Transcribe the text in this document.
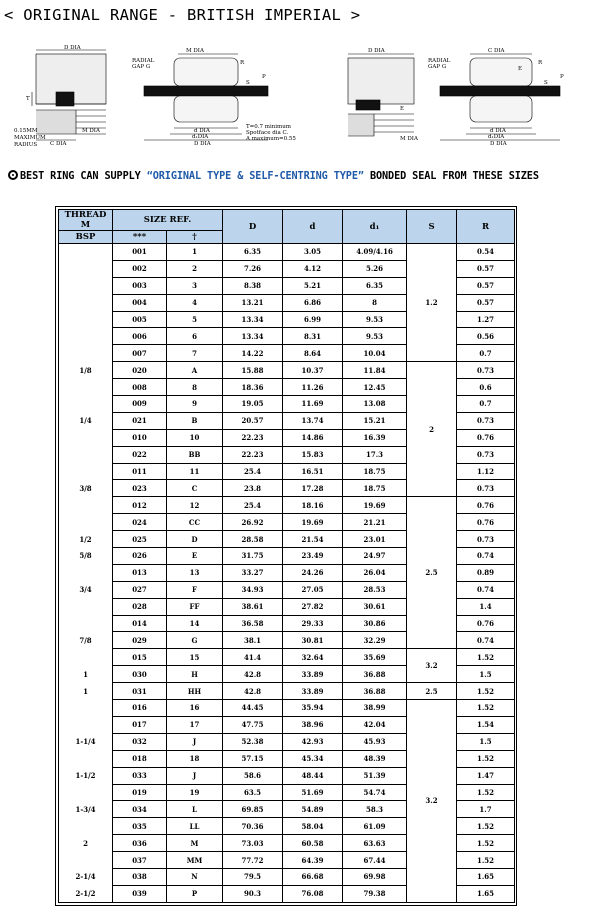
< ORIGINAL RANGE - BRITISH IMPERIAL >
D DIA
C DIA
M DIA
T
0.15MM
MAXIMUM
RADIUS
M DIA
RADIAL
GAP G
R
S
P
d DIA
d₁DIA
D DIA
T=0.7 minimum
Spotface dia C.
A maximum=0.55
D DIA
M DIA
E
C DIA
RADIAL
GAP G
R
S
P
E
d DIA
d₁DIA
D DIA
BEST RING CAN SUPPLY “ORIGINAL TYPE & SELF-CENTRING TYPE” BONDED SEAL FROM THESE SIZES
THREAD M	SIZE REF.		D	d	d₁	S	R
BSP	***	†					
	001	1	6.35	3.05	4.09/4.16	1.2	0.54
	002	2	7.26	4.12	5.26		0.57
	003	3	8.38	5.21	6.35		0.57
	004	4	13.21	6.86	8		0.57
	005	5	13.34	6.99	9.53		1.27
	006	6	13.34	8.31	9.53		0.56
	007	7	14.22	8.64	10.04		0.7
1/8	020	A	15.88	10.37	11.84	2	0.73
	008	8	18.36	11.26	12.45		0.6
	009	9	19.05	11.69	13.08		0.7
1/4	021	B	20.57	13.74	15.21		0.73
	010	10	22.23	14.86	16.39		0.76
	022	BB	22.23	15.83	17.3		0.73
	011	11	25.4	16.51	18.75		1.12
3/8	023	C	23.8	17.28	18.75		0.73
	012	12	25.4	18.16	19.69	2.5	0.76
	024	CC	26.92	19.69	21.21		0.76
1/2	025	D	28.58	21.54	23.01		0.73
5/8	026	E	31.75	23.49	24.97		0.74
	013	13	33.27	24.26	26.04		0.89
3/4	027	F	34.93	27.05	28.53		0.74
	028	FF	38.61	27.82	30.61		1.4
	014	14	36.58	29.33	30.86		0.76
7/8	029	G	38.1	30.81	32.29		0.74
	015	15	41.4	32.64	35.69	3.2	1.52
1	030	H	42.8	33.89	36.88		1.5
1	031	HH	42.8	33.89	36.88	2.5	1.52
	016	16	44.45	35.94	38.99	3.2	1.52
	017	17	47.75	38.96	42.04		1.54
1-1/4	032	J	52.38	42.93	45.93		1.5
	018	18	57.15	45.34	48.39		1.52
1-1/2	033	J	58.6	48.44	51.39		1.47
	019	19	63.5	51.69	54.74		1.52
1-3/4	034	L	69.85	54.89	58.3		1.7
	035	LL	70.36	58.04	61.09		1.52
2	036	M	73.03	60.58	63.63		1.52
	037	MM	77.72	64.39	67.44		1.52
2-1/4	038	N	79.5	66.68	69.98		1.65
2-1/2	039	P	90.3	76.08	79.38		1.65
